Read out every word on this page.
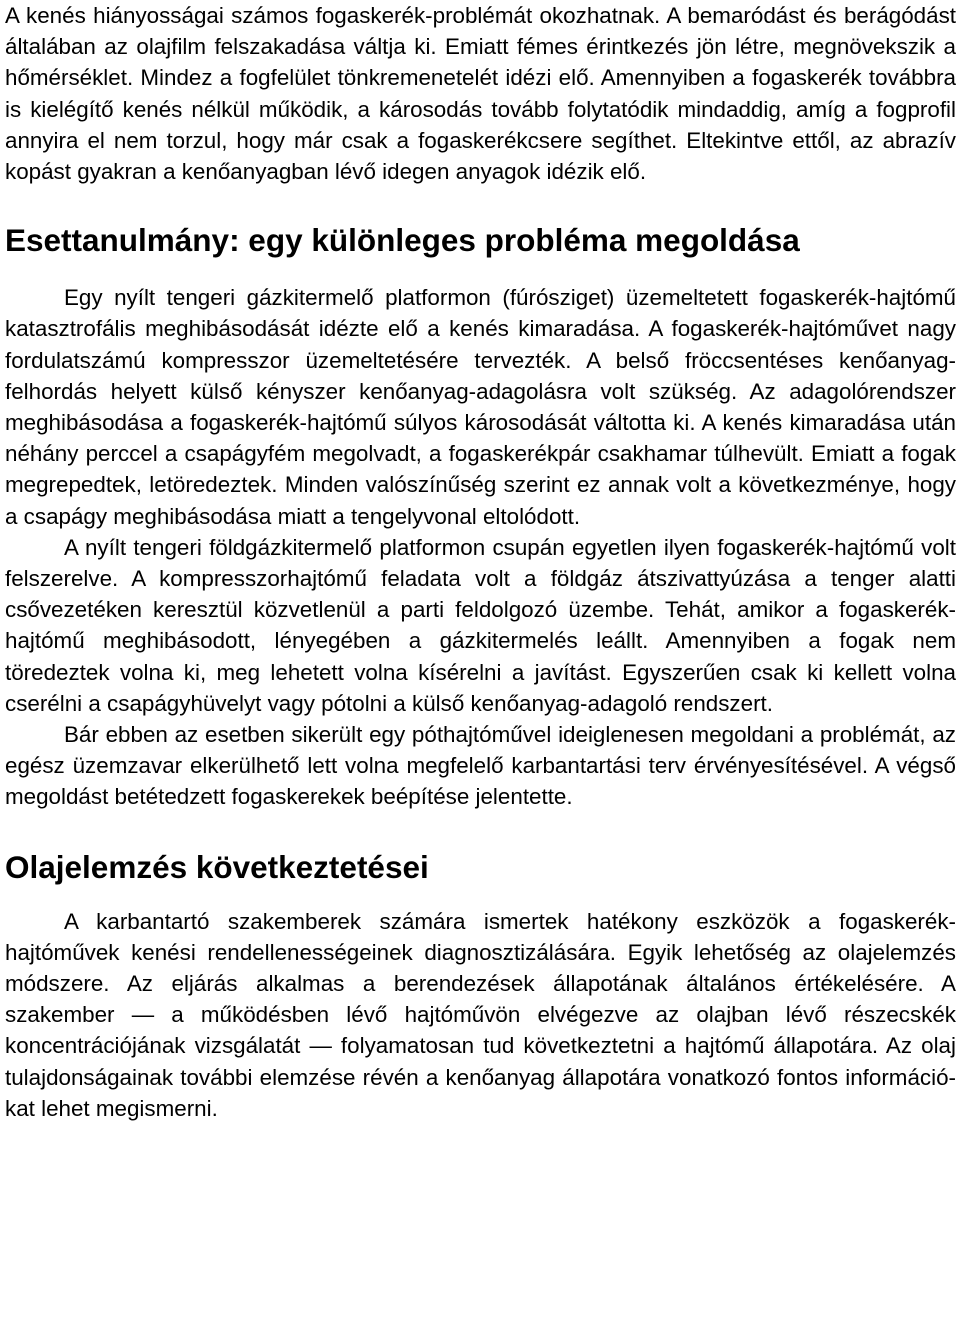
A kenés hiányosságai számos fogaskerék-problémát okozhatnak. A bemaródást és berágódást általában az olajfilm felszakadása váltja ki. Emiatt fémes érintkezés jön létre, megnövekszik a hőmérséklet. Mindez a fogfelület tönkremenetelét idézi elő. Amennyiben a fogaskerék továbbra is kielégítő kenés nélkül működik, a károsodás tovább folytatódik mindaddig, amíg a fogprofil annyira el nem torzul, hogy már csak a fogaskerékcsere segíthet. Eltekintve ettől, az abrazív kopást gyakran a kenőanyagban lévő idegen anyagok idézik elő.

Esettanulmány: egy különleges probléma megoldása

Egy nyílt tengeri gázkitermelő platformon (fúrósziget) üzemeltetett fogaskerék-hajtómű katasztrofális meghibásodását idézte elő a kenés kimaradása. A fogaskerék-hajtóművet nagy fordulatszámú kompresszor üzemeltetésére tervezték. A belső fröccsentéses kenőanyag-felhordás helyett külső kényszer kenőanyag-adagolásra volt szükség. Az adagolórendszer meghibásodása a fogaskerék-hajtómű súlyos károsodását váltotta ki. A kenés kimaradása után néhány perccel a csapágyfém megolvadt, a fogaskerékpár csakhamar túlhevült. Emiatt a fogak megrepedtek, letöredeztek. Minden valószínűség szerint ez annak volt a következménye, hogy a csapágy meghibásodása miatt a tengelyvonal eltolódott.

A nyílt tengeri földgázkitermelő platformon csupán egyetlen ilyen fogaskerék-hajtómű volt felszerelve. A kompresszorhajtómű feladata volt a földgáz átszivattyúzása a tenger alatti csővezetéken keresztül közvetlenül a parti feldolgozó üzembe. Tehát, amikor a fogaskerék-hajtómű meghibásodott, lényegében a gázkitermelés leállt. Amennyiben a fogak nem töredeztek volna ki, meg lehetett volna kísérelni a javítást. Egyszerűen csak ki kellett volna cserélni a csapágyhüvelyt vagy pótolni a külső kenőanyag-adagoló rendszert.

Bár ebben az esetben sikerült egy póthajtóművel ideiglenesen megoldani a problémát, az egész üzemzavar elkerülhető lett volna megfelelő karbantartási terv érvényesítésével. A végső megoldást betétedzett fogaskerekek beépítése jelentette.

Olajelemzés következtetései

A karbantartó szakemberek számára ismertek hatékony eszközök a fogaskerék-hajtóművek kenési rendellenességeinek diagnosztizálására. Egyik lehetőség az olajelemzés módszere. Az eljárás alkalmas a berendezések állapotának általános értékelésére. A szakember — a működésben lévő hajtóművön elvégezve az olajban lévő részecskék koncentrációjának vizsgálatát — folyamatosan tud következtetni a hajtómű állapotára. Az olaj tulajdonságainak további elemzése révén a kenőanyag állapotára vonatkozó fontos információkat lehet megismerni.
